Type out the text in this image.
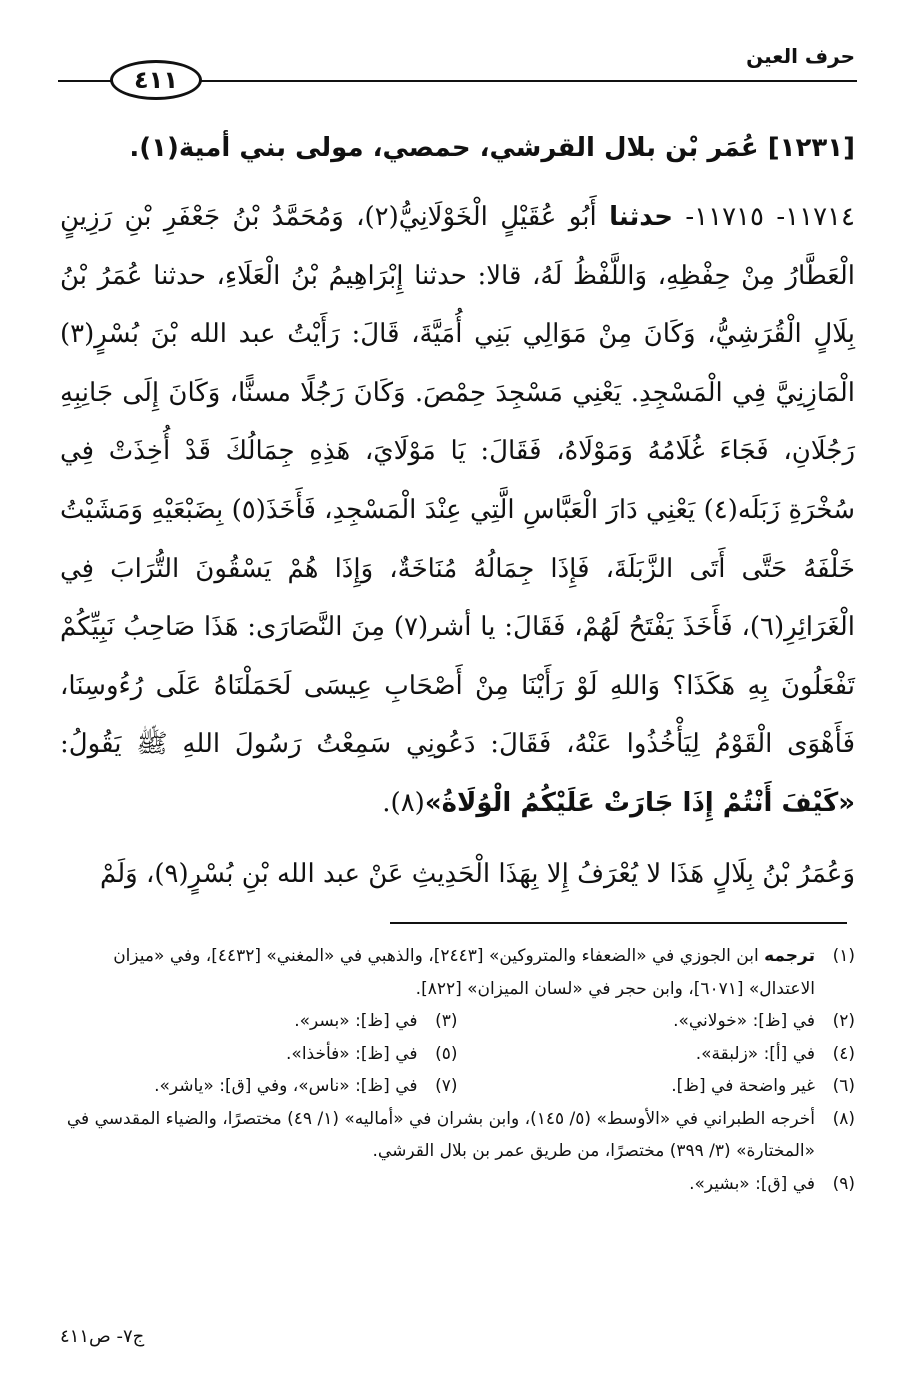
حرف العين
٤١١
[١٢٣١] عُمَر بْن بلال القرشي، حمصي، مولى بني أمية(١).

١١٧١٤- ١١٧١٥- حدثنا أَبُو عُقَيْلٍ الْخَوْلَانِيُّ(٢)، وَمُحَمَّدُ بْنُ جَعْفَرِ بْنِ رَزِينٍ الْعَطَّارُ مِنْ حِفْظِهِ، وَاللَّفْظُ لَهُ، قالا: حدثنا إِبْرَاهِيمُ بْنُ الْعَلَاءِ، حدثنا عُمَرُ بْنُ بِلَالٍ الْقُرَشِيُّ، وَكَانَ مِنْ مَوَالِي بَنِي أُمَيَّةَ، قَالَ: رَأَيْتُ عبد الله بْنَ بُسْرٍ(٣) الْمَازِنِيَّ فِي الْمَسْجِدِ. يَعْنِي مَسْجِدَ حِمْصَ. وَكَانَ رَجُلًا مسنًّا، وَكَانَ إِلَى جَانِبِهِ رَجُلَانِ، فَجَاءَ غُلَامُهُ وَمَوْلَاهُ، فَقَالَ: يَا مَوْلَايَ، هَذِهِ جِمَالُكَ قَدْ أُخِذَتْ فِي سُخْرَةِ زَبَلَه(٤) يَعْنِي دَارَ الْعَبَّاسِ الَّتِي عِنْدَ الْمَسْجِدِ، فَأَخَذَ(٥) بِضَبْعَيْهِ وَمَشَيْتُ خَلْفَهُ حَتَّى أَتَى الزَّبَلَةَ، فَإِذَا جِمَالُهُ مُنَاخَةٌ، وَإِذَا هُمْ يَسْقُونَ التُّرَابَ فِي الْغَرَائِرِ(٦)، فَأَخَذَ يَفْتَحُ لَهُمْ، فَقَالَ: يا أشر(٧) مِنَ النَّصَارَى: هَذَا صَاحِبُ نَبِيِّكُمْ تَفْعَلُونَ بِهِ هَكَذَا؟ وَاللهِ لَوْ رَأَيْنَا مِنْ أَصْحَابِ عِيسَى لَحَمَلْنَاهُ عَلَى رُءُوسِنَا، فَأَهْوَى الْقَوْمُ لِيَأْخُذُوا عَنْهُ، فَقَالَ: دَعُونِي سَمِعْتُ رَسُولَ اللهِ ﷺ يَقُولُ: «كَيْفَ أَنْتُمْ إِذَا جَارَتْ عَلَيْكُمُ الْوُلَاةُ»(٨).

وَعُمَرُ بْنُ بِلَالٍ هَذَا لا يُعْرَفُ إِلا بِهَذَا الْحَدِيثِ عَنْ عبد الله بْنِ بُسْرٍ(٩)، وَلَمْ

(١)
ترجمه ابن الجوزي في «الضعفاء والمتروكين» [٢٤٤٣]، والذهبي في «المغني» [٤٤٣٢]، وفي «ميزان الاعتدال» [٦٠٧١]، وابن حجر في «لسان الميزان» [٨٢٢].
(٢)
في [ظ]: «خولاني».
(٣)
في [ظ]: «بسر».
(٤)
في [أ]: «زلبقة».
(٥)
في [ظ]: «فأخذا».
(٦)
غير واضحة في [ظ].
(٧)
في [ظ]: «ناس»، وفي [ق]: «ياشر».
(٨)
أخرجه الطبراني في «الأوسط» (٥/ ١٤٥)، وابن بشران في «أماليه» (١/ ٤٩) مختصرًا، والضياء المقدسي في «المختارة» (٣/ ٣٩٩) مختصرًا، من طريق عمر بن بلال القرشي.
(٩)
في [ق]: «بشير».
ج٧- ص٤١١
